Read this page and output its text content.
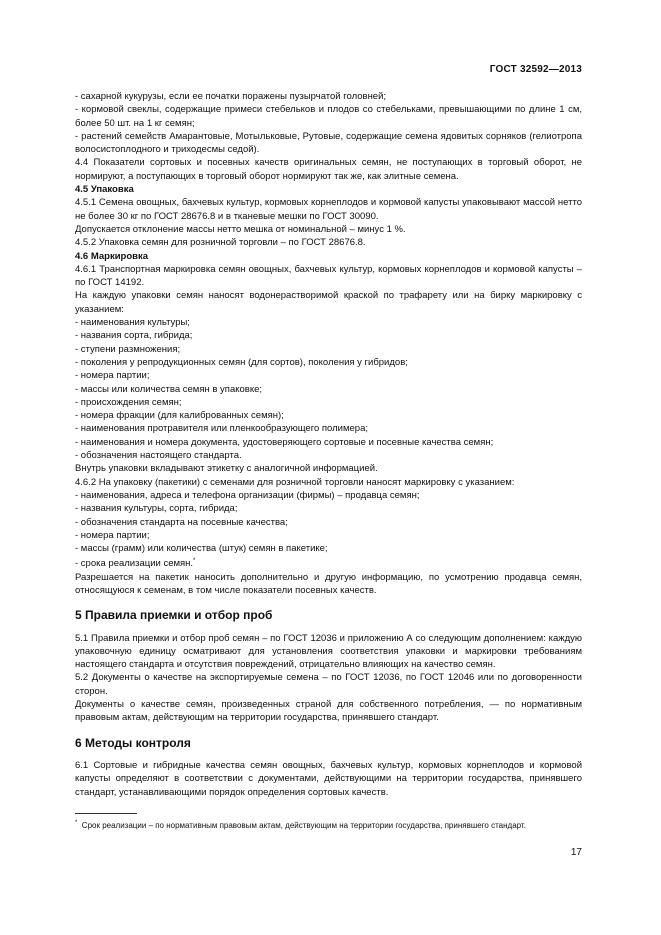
ГОСТ 32592—2013

- сахарной кукурузы, если ее початки поражены пузырчатой головней;

- кормовой свеклы, содержащие примеси стебельков и плодов со стебельками, превышающими по длине 1 см, более 50 шт. на 1 кг семян;

- растений семейств Амарантовые, Мотыльковые, Рутовые, содержащие семена ядовитых сорняков (гелиотропа волосистоплодного и триходесмы седой).

4.4 Показатели сортовых и посевных качеств оригинальных семян, не поступающих в торговый оборот, не нормируют, а поступающих в торговый оборот нормируют так же, как элитные семена.

4.5 Упаковка

4.5.1 Семена овощных, бахчевых культур, кормовых корнеплодов и кормовой капусты упаковывают массой нетто не более 30 кг по ГОСТ 28676.8 и в тканевые мешки по ГОСТ 30090.

Допускается отклонение массы нетто мешка от номинальной – минус 1 %.

4.5.2 Упаковка семян для розничной торговли – по ГОСТ 28676.8.

4.6 Маркировка

4.6.1 Транспортная маркировка семян овощных, бахчевых культур, кормовых корнеплодов и кормовой капусты – по ГОСТ 14192.

На каждую упаковки семян наносят водонерастворимой краской по трафарету или на бирку маркировку с указанием:

- наименования культуры;

- названия сорта, гибрида;

- ступени размножения;

- поколения у репродукционных семян (для сортов), поколения у гибридов;

- номера партии;

- массы или количества семян в упаковке;

- происхождения семян;

- номера фракции (для калиброванных семян);

- наименования протравителя или пленкообразующего полимера;

- наименования и номера документа, удостоверяющего сортовые и посевные качества семян;

- обозначения настоящего стандарта.

Внутрь упаковки вкладывают этикетку с аналогичной информацией.

4.6.2 На упаковку (пакетики) с семенами для розничной торговли наносят маркировку с указанием:

- наименования, адреса и телефона организации (фирмы) – продавца семян;

- названия культуры, сорта, гибрида;

- обозначения стандарта на посевные качества;

- номера партии;

- массы (грамм) или количества (штук) семян в пакетике;

- срока реализации семян.*

Разрешается на пакетик наносить дополнительно и другую информацию, по усмотрению продавца семян, относящуюся к семенам, в том числе показатели посевных качеств.

5 Правила приемки и отбор проб

5.1 Правила приемки и отбор проб семян – по ГОСТ 12036 и приложению А со следующим дополнением: каждую упаковочную единицу осматривают для установления соответствия упаковки и маркировки требованиям настоящего стандарта и отсутствия повреждений, отрицательно влияющих на качество семян.

5.2 Документы о качестве на экспортируемые семена – по ГОСТ 12036, по ГОСТ 12046 или по договоренности сторон.

Документы о качестве семян, произведенных страной для собственного потребления, — по нормативным правовым актам, действующим на территории государства, принявшего стандарт.

6 Методы контроля

6.1 Сортовые и гибридные качества семян овощных, бахчевых культур, кормовых корнеплодов и кормовой капусты определяют в соответствии с документами, действующими на территории государства, принявшего стандарт, устанавливающими порядок определения сортовых качеств.

* Срок реализации – по нормативным правовым актам, действующим на территории государства, принявшего стандарт.
17
